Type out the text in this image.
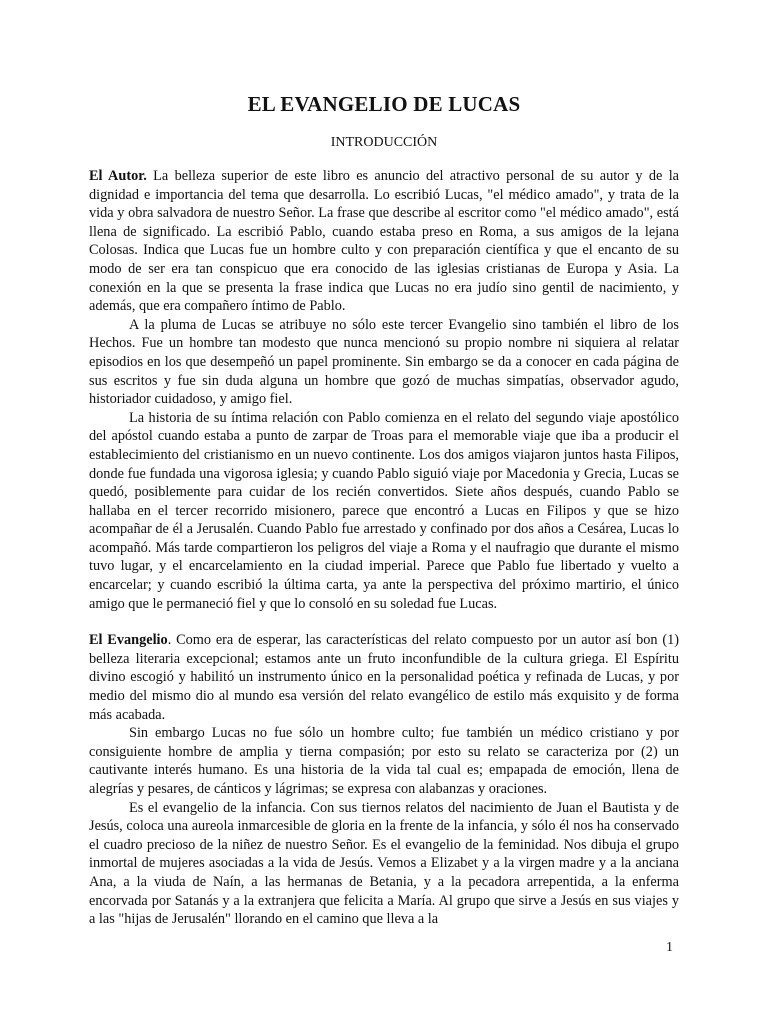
EL EVANGELIO DE LUCAS
INTRODUCCIÓN

El Autor. La belleza superior de este libro es anuncio del atractivo personal de su autor y de la dignidad e importancia del tema que desarrolla. Lo escribió Lucas, "el médico amado", y trata de la vida y obra salvadora de nuestro Señor. La frase que describe al escritor como "el médico amado", está llena de significado. La escribió Pablo, cuando estaba preso en Roma, a sus amigos de la lejana Colosas. Indica que Lucas fue un hombre culto y con preparación científica y que el encanto de su modo de ser era tan conspicuo que era conocido de las iglesias cristianas de Europa y Asia. La conexión en la que se presenta la frase indica que Lucas no era judío sino gentil de nacimiento, y además, que era compañero íntimo de Pablo.

A la pluma de Lucas se atribuye no sólo este tercer Evangelio sino también el libro de los Hechos. Fue un hombre tan modesto que nunca mencionó su propio nombre ni siquiera al relatar episodios en los que desempeñó un papel prominente. Sin embargo se da a conocer en cada página de sus escritos y fue sin duda alguna un hombre que gozó de muchas simpatías, observador agudo, historiador cuidadoso, y amigo fiel.

La historia de su íntima relación con Pablo comienza en el relato del segundo viaje apostólico del apóstol cuando estaba a punto de zarpar de Troas para el memorable viaje que iba a producir el establecimiento del cristianismo en un nuevo continente. Los dos amigos viajaron juntos hasta Filipos, donde fue fundada una vigorosa iglesia; y cuando Pablo siguió viaje por Macedonia y Grecia, Lucas se quedó, posiblemente para cuidar de los recién convertidos. Siete años después, cuando Pablo se hallaba en el tercer recorrido misionero, parece que encontró a Lucas en Filipos y que se hizo acompañar de él a Jerusalén. Cuando Pablo fue arrestado y confinado por dos años a Cesárea, Lucas lo acompañó. Más tarde compartieron los peligros del viaje a Roma y el naufragio que durante el mismo tuvo lugar, y el encarcelamiento en la ciudad imperial. Parece que Pablo fue libertado y vuelto a encarcelar; y cuando escribió la última carta, ya ante la perspectiva del próximo martirio, el único amigo que le permaneció fiel y que lo consoló en su soledad fue Lucas.

El Evangelio. Como era de esperar, las características del relato compuesto por un autor así bon (1) belleza literaria excepcional; estamos ante un fruto inconfundible de la cultura griega. El Espíritu divino escogió y habilitó un instrumento único en la personalidad poética y refinada de Lucas, y por medio del mismo dio al mundo esa versión del relato evangélico de estilo más exquisito y de forma más acabada.

Sin embargo Lucas no fue sólo un hombre culto; fue también un médico cristiano y por consiguiente hombre de amplia y tierna compasión; por esto su relato se caracteriza por (2) un cautivante interés humano. Es una historia de la vida tal cual es; empapada de emoción, llena de alegrías y pesares, de cánticos y lágrimas; se expresa con alabanzas y oraciones.

Es el evangelio de la infancia. Con sus tiernos relatos del nacimiento de Juan el Bautista y de Jesús, coloca una aureola inmarcesible de gloria en la frente de la infancia, y sólo él nos ha conservado el cuadro precioso de la niñez de nuestro Señor. Es el evangelio de la feminidad. Nos dibuja el grupo inmortal de mujeres asociadas a la vida de Jesús. Vemos a Elizabet y a la virgen madre y a la anciana Ana, a la viuda de Naín, a las hermanas de Betania, y a la pecadora arrepentida, a la enferma encorvada por Satanás y a la extranjera que felicita a María. Al grupo que sirve a Jesús en sus viajes y a las "hijas de Jerusalén" llorando en el camino que lleva a la

1
